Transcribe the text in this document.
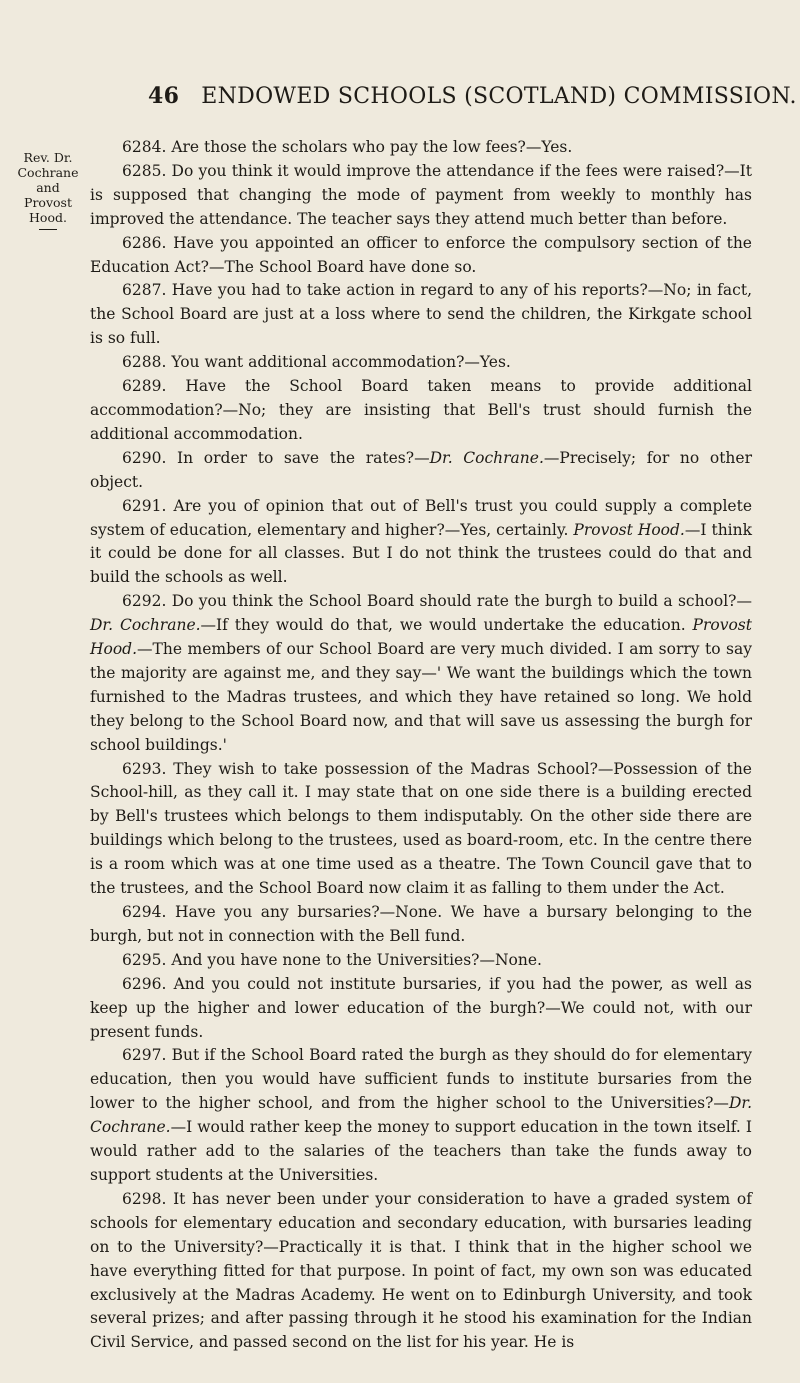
46 ENDOWED SCHOOLS (SCOTLAND) COMMISSION.
Rev. Dr.
Cochrane
and
Provost
Hood.

6284. Are those the scholars who pay the low fees?—Yes.

6285. Do you think it would improve the attendance if the fees were raised?—It is supposed that changing the mode of payment from weekly to monthly has improved the attendance. The teacher says they attend much better than before.

6286. Have you appointed an officer to enforce the compulsory section of the Education Act?—The School Board have done so.

6287. Have you had to take action in regard to any of his reports?—No; in fact, the School Board are just at a loss where to send the children, the Kirkgate school is so full.

6288. You want additional accommodation?—Yes.

6289. Have the School Board taken means to provide additional accommodation?—No; they are insisting that Bell's trust should furnish the additional accommodation.

6290. In order to save the rates?—Dr. Cochrane.—Precisely; for no other object.

6291. Are you of opinion that out of Bell's trust you could supply a complete system of education, elementary and higher?—Yes, certainly. Provost Hood.—I think it could be done for all classes. But I do not think the trustees could do that and build the schools as well.

6292. Do you think the School Board should rate the burgh to build a school?—Dr. Cochrane.—If they would do that, we would undertake the education. Provost Hood.—The members of our School Board are very much divided. I am sorry to say the majority are against me, and they say—' We want the buildings which the town furnished to the Madras trustees, and which they have retained so long. We hold they belong to the School Board now, and that will save us assessing the burgh for school buildings.'

6293. They wish to take possession of the Madras School?—Possession of the School-hill, as they call it. I may state that on one side there is a building erected by Bell's trustees which belongs to them indisputably. On the other side there are buildings which belong to the trustees, used as board-room, etc. In the centre there is a room which was at one time used as a theatre. The Town Council gave that to the trustees, and the School Board now claim it as falling to them under the Act.

6294. Have you any bursaries?—None. We have a bursary belonging to the burgh, but not in connection with the Bell fund.

6295. And you have none to the Universities?—None.

6296. And you could not institute bursaries, if you had the power, as well as keep up the higher and lower education of the burgh?—We could not, with our present funds.

6297. But if the School Board rated the burgh as they should do for elementary education, then you would have sufficient funds to institute bursaries from the lower to the higher school, and from the higher school to the Universities?—Dr. Cochrane.—I would rather keep the money to support education in the town itself. I would rather add to the salaries of the teachers than take the funds away to support students at the Universities.

6298. It has never been under your consideration to have a graded system of schools for elementary education and secondary education, with bursaries leading on to the University?—Practically it is that. I think that in the higher school we have everything fitted for that purpose. In point of fact, my own son was educated exclusively at the Madras Academy. He went on to Edinburgh University, and took several prizes; and after passing through it he stood his examination for the Indian Civil Service, and passed second on the list for his year. He is
